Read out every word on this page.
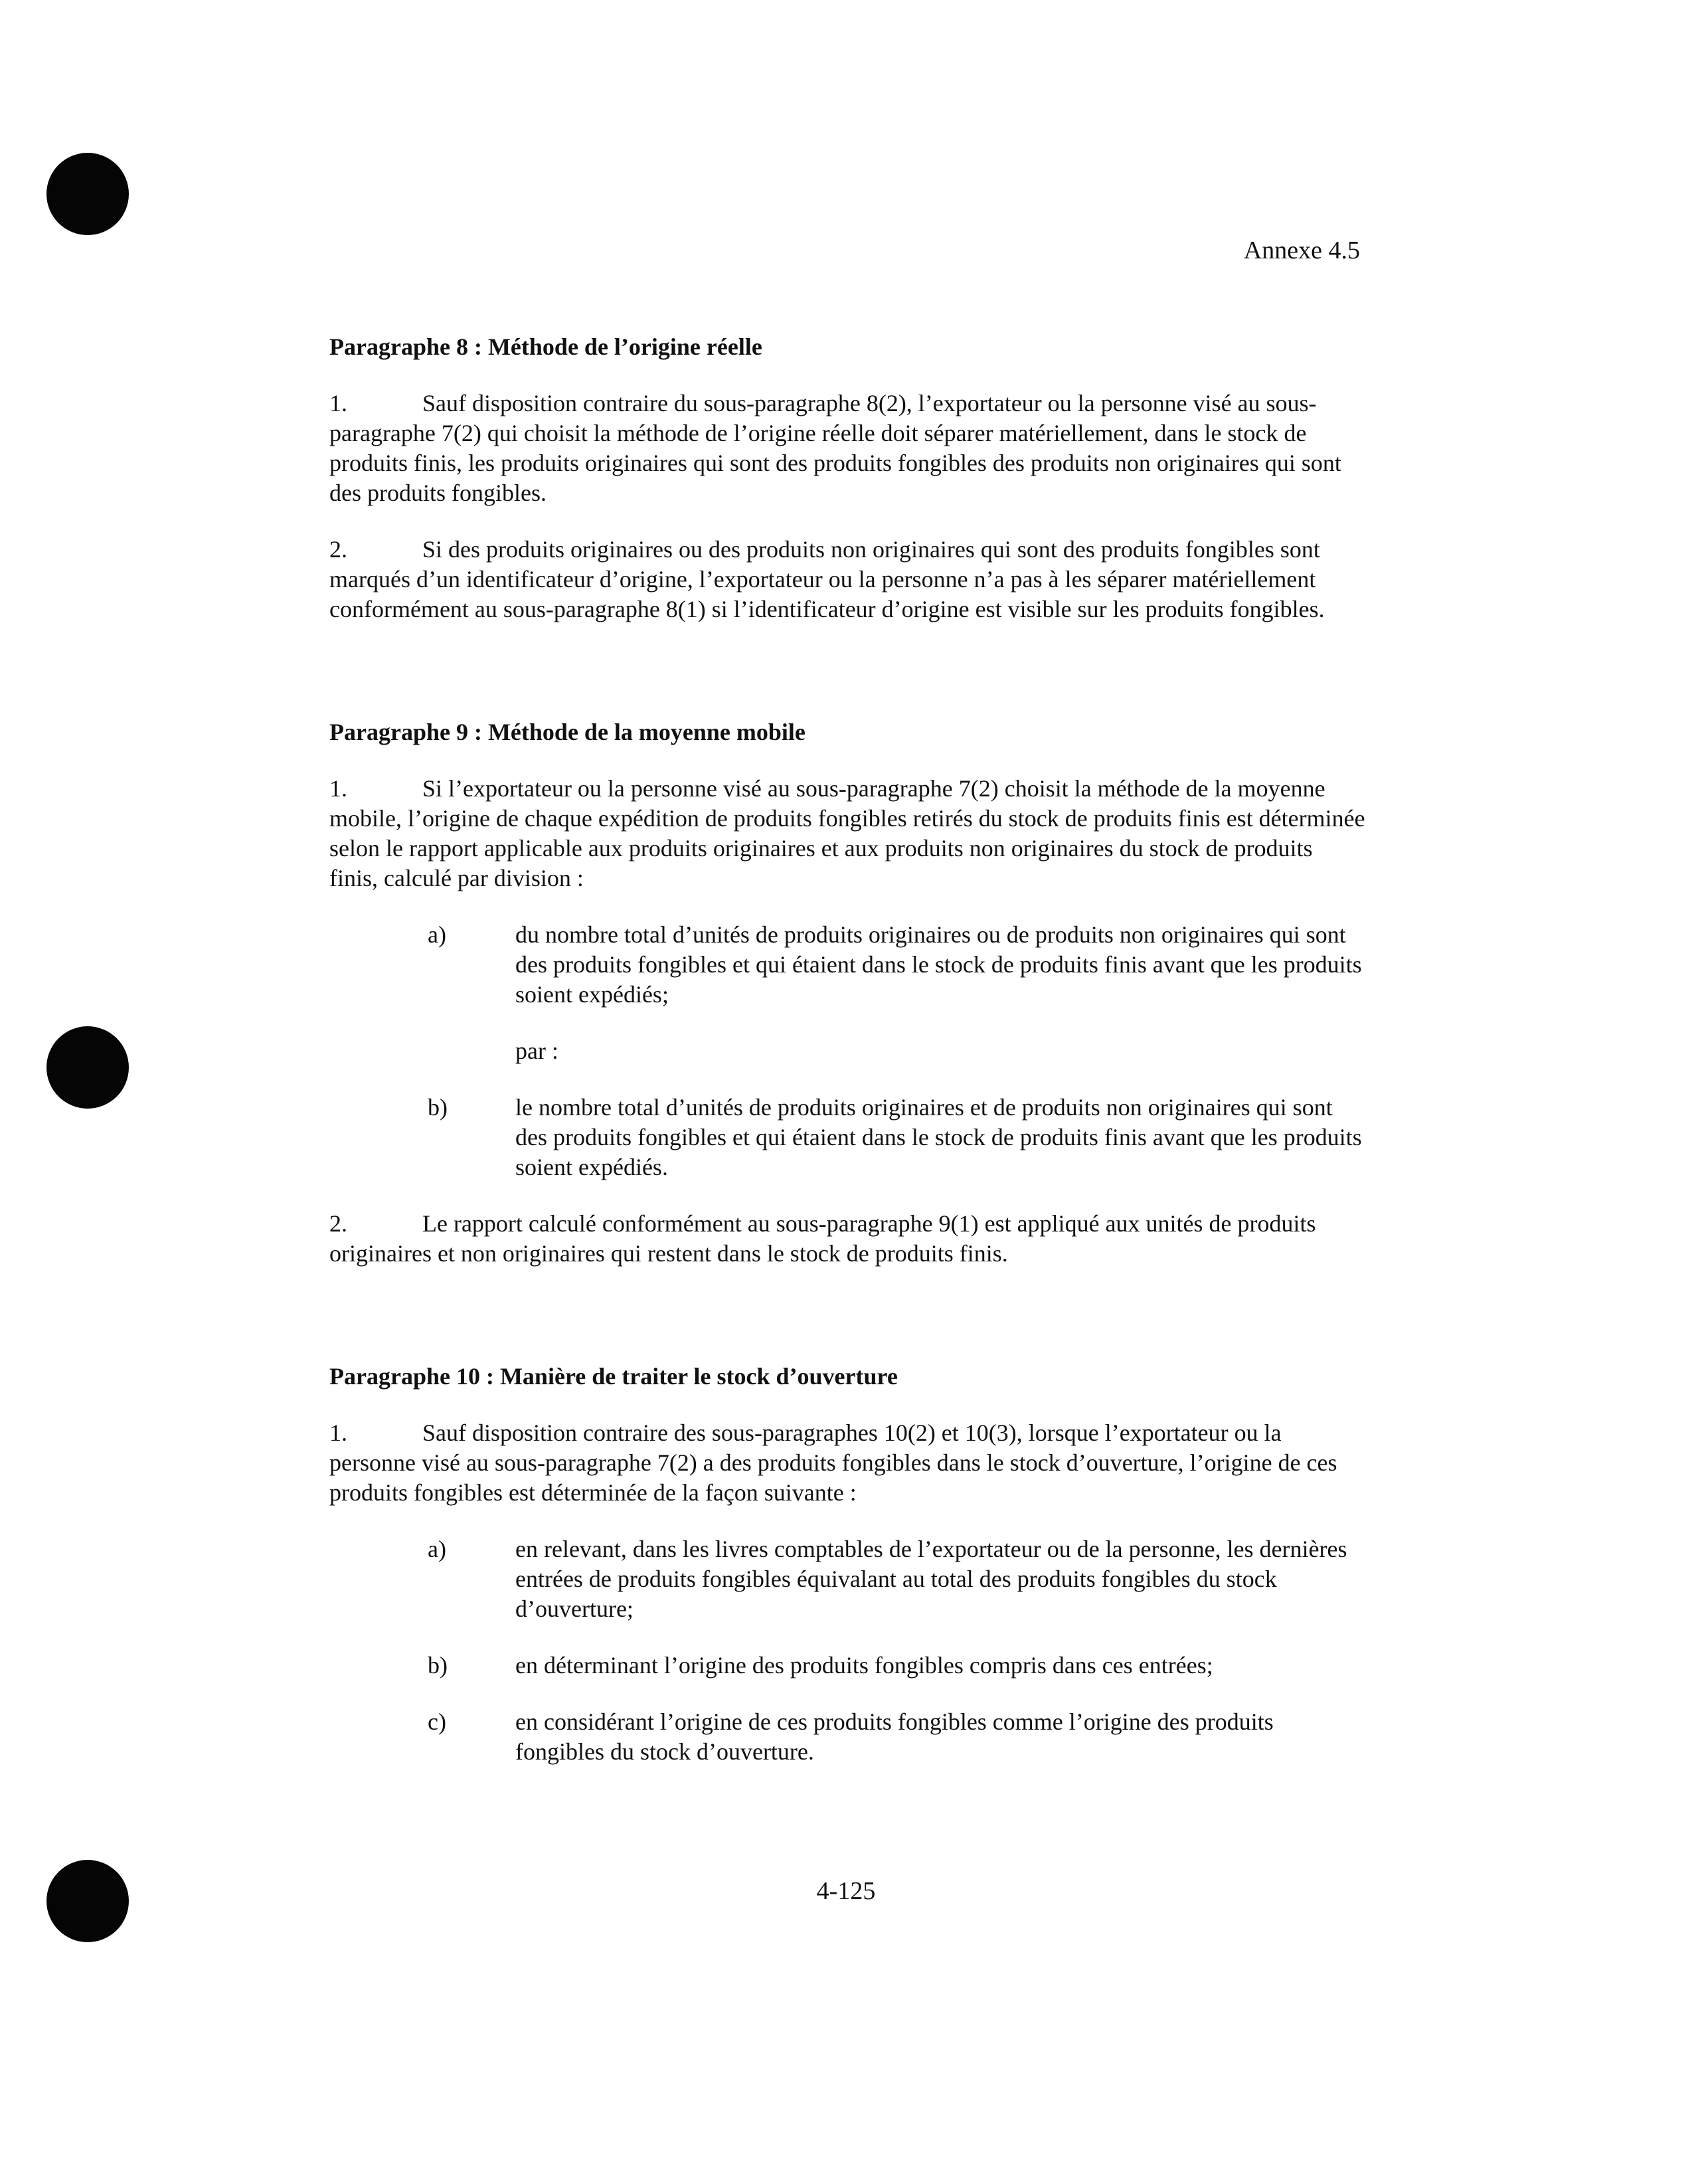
Annexe 4.5

Paragraphe 8 : Méthode de l’origine réelle

1.	Sauf disposition contraire du sous-paragraphe 8(2), l’exportateur ou la personne visé au sous-paragraphe 7(2) qui choisit la méthode de l’origine réelle doit séparer matériellement, dans le stock de produits finis, les produits originaires qui sont des produits fongibles des produits non originaires qui sont des produits fongibles.

2.	Si des produits originaires ou des produits non originaires qui sont des produits fongibles sont marqués d’un identificateur d’origine, l’exportateur ou la personne n’a pas à les séparer matériellement conformément au sous-paragraphe 8(1) si l’identificateur d’origine est visible sur les produits fongibles.

Paragraphe 9 : Méthode de la moyenne mobile

1.	Si l’exportateur ou la personne visé au sous-paragraphe 7(2) choisit la méthode de la moyenne mobile, l’origine de chaque expédition de produits fongibles retirés du stock de produits finis est déterminée selon le rapport applicable aux produits originaires et aux produits non originaires du stock de produits finis, calculé par division :

a)	du nombre total d’unités de produits originaires ou de produits non originaires qui sont des produits fongibles et qui étaient dans le stock de produits finis avant que les produits soient expédiés;
par :
b)	le nombre total d’unités de produits originaires et de produits non originaires qui sont des produits fongibles et qui étaient dans le stock de produits finis avant que les produits soient expédiés.

2.	Le rapport calculé conformément au sous-paragraphe 9(1) est appliqué aux unités de produits originaires et non originaires qui restent dans le stock de produits finis.

Paragraphe 10 : Manière de traiter le stock d’ouverture

1.	Sauf disposition contraire des sous-paragraphes 10(2) et 10(3), lorsque l’exportateur ou la personne visé au sous-paragraphe 7(2) a des produits fongibles dans le stock d’ouverture, l’origine de ces produits fongibles est déterminée de la façon suivante :

a)	en relevant, dans les livres comptables de l’exportateur ou de la personne, les dernières entrées de produits fongibles équivalant au total des produits fongibles du stock d’ouverture;
b)	en déterminant l’origine des produits fongibles compris dans ces entrées;
c)	en considérant l’origine de ces produits fongibles comme l’origine des produits fongibles du stock d’ouverture.
4-125
